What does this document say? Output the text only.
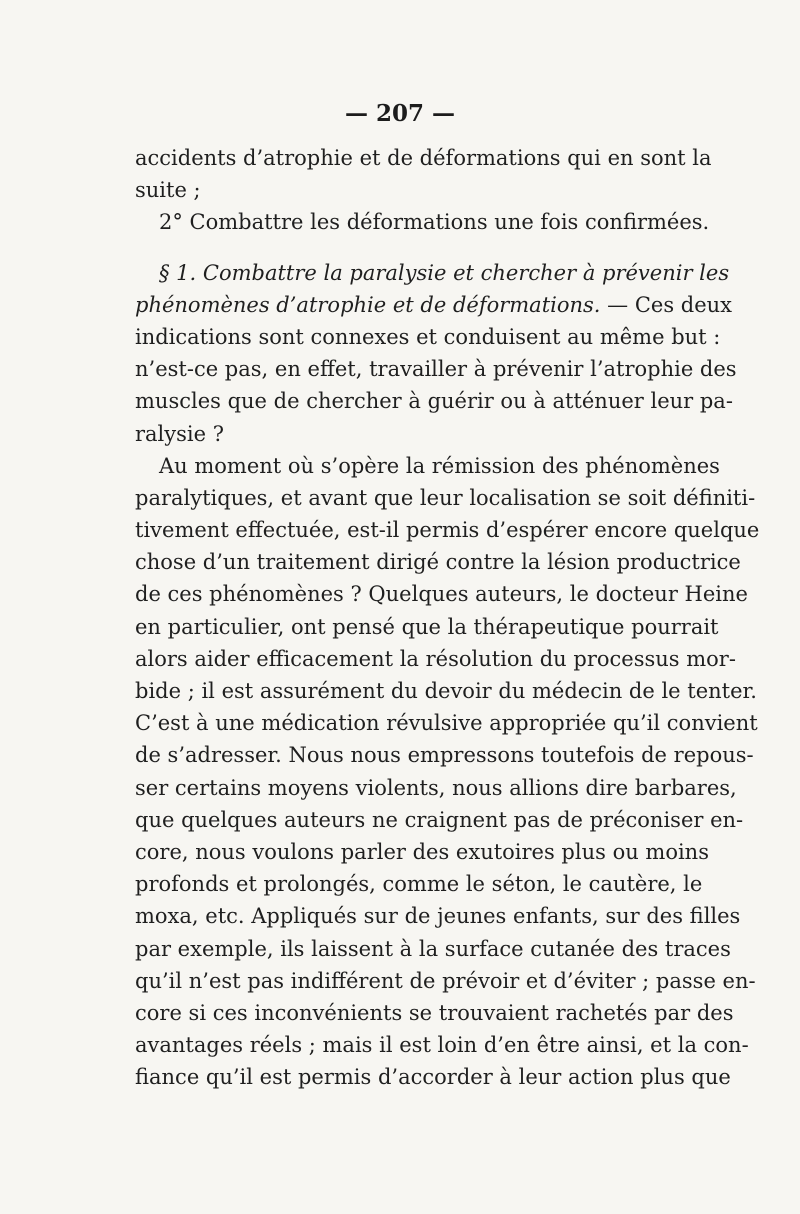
— 207 —
accidents d’atrophie et de déformations qui en sont la
suite ;
2° Combattre les déformations une fois confirmées.
§ 1. Combattre la paralysie et chercher à prévenir les
phénomènes d’atrophie et de déformations. — Ces deux
indications sont connexes et conduisent au même but :
n’est-ce pas, en effet, travailler à prévenir l’atrophie des
muscles que de chercher à guérir ou à atténuer leur pa-
ralysie ?
Au moment où s’opère la rémission des phénomènes
paralytiques, et avant que leur localisation se soit définiti-
tivement effectuée, est-il permis d’espérer encore quelque
chose d’un traitement dirigé contre la lésion productrice
de ces phénomènes ? Quelques auteurs, le docteur Heine
en particulier, ont pensé que la thérapeutique pourrait
alors aider efficacement la résolution du processus mor-
bide ; il est assurément du devoir du médecin de le tenter.
C’est à une médication révulsive appropriée qu’il convient
de s’adresser. Nous nous empressons toutefois de repous-
ser certains moyens violents, nous allions dire barbares,
que quelques auteurs ne craignent pas de préconiser en-
core, nous voulons parler des exutoires plus ou moins
profonds et prolongés, comme le séton, le cautère, le
moxa, etc. Appliqués sur de jeunes enfants, sur des filles
par exemple, ils laissent à la surface cutanée des traces
qu’il n’est pas indifférent de prévoir et d’éviter ; passe en-
core si ces inconvénients se trouvaient rachetés par des
avantages réels ; mais il est loin d’en être ainsi, et la con-
fiance qu’il est permis d’accorder à leur action plus que
